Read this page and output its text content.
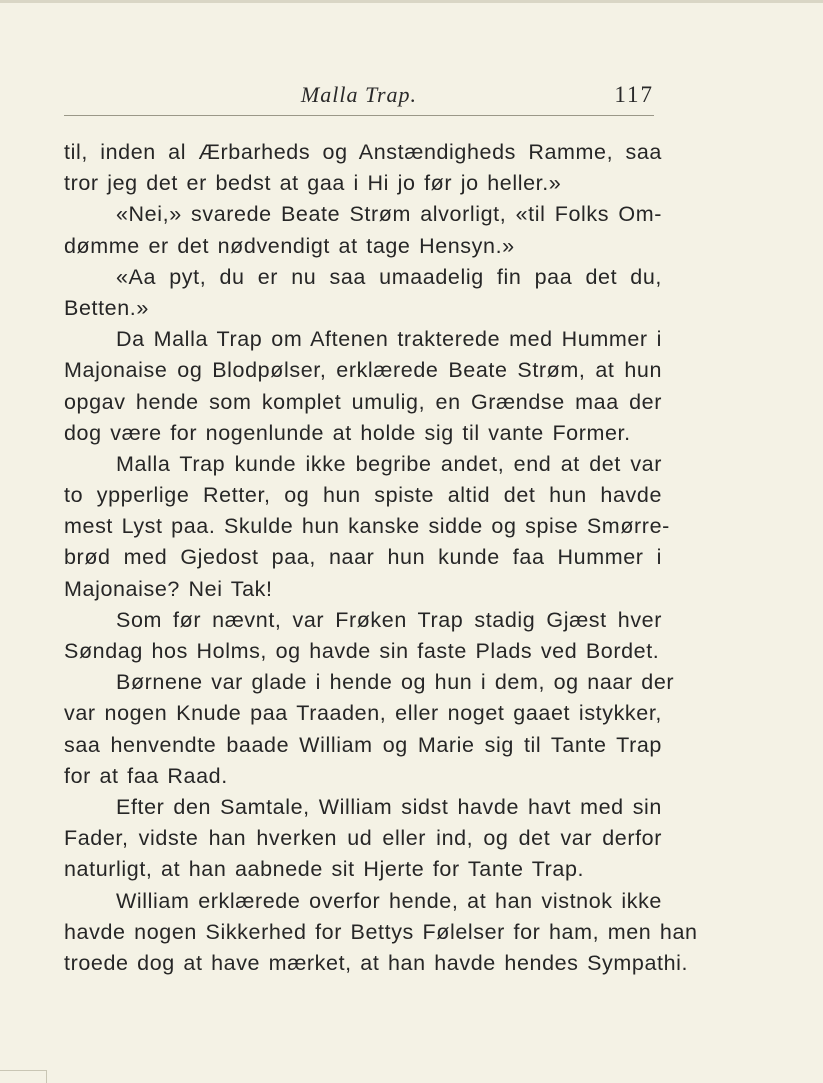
Malla Trap.	117
til, inden al Ærbarheds og Anstændigheds Ramme, saa
tror jeg det er bedst at gaa i Hi jo før jo heller.»
«Nei,» svarede Beate Strøm alvorligt, «til Folks Om-
dømme er det nødvendigt at tage Hensyn.»
«Aa pyt, du er nu saa umaadelig fin paa det du,
Betten.»
Da Malla Trap om Aftenen trakterede med Hummer i
Majonaise og Blodpølser, erklærede Beate Strøm, at hun
opgav hende som komplet umulig, en Grændse maa der
dog være for nogenlunde at holde sig til vante Former.
Malla Trap kunde ikke begribe andet, end at det var
to ypperlige Retter, og hun spiste altid det hun havde
mest Lyst paa. Skulde hun kanske sidde og spise Smørre-
brød med Gjedost paa, naar hun kunde faa Hummer i
Majonaise? Nei Tak!
Som før nævnt, var Frøken Trap stadig Gjæst hver
Søndag hos Holms, og havde sin faste Plads ved Bordet.
Børnene var glade i hende og hun i dem, og naar der
var nogen Knude paa Traaden, eller noget gaaet istykker,
saa henvendte baade William og Marie sig til Tante Trap
for at faa Raad.
Efter den Samtale, William sidst havde havt med sin
Fader, vidste han hverken ud eller ind, og det var derfor
naturligt, at han aabnede sit Hjerte for Tante Trap.
William erklærede overfor hende, at han vistnok ikke
havde nogen Sikkerhed for Bettys Følelser for ham, men han
troede dog at have mærket, at han havde hendes Sympathi.
